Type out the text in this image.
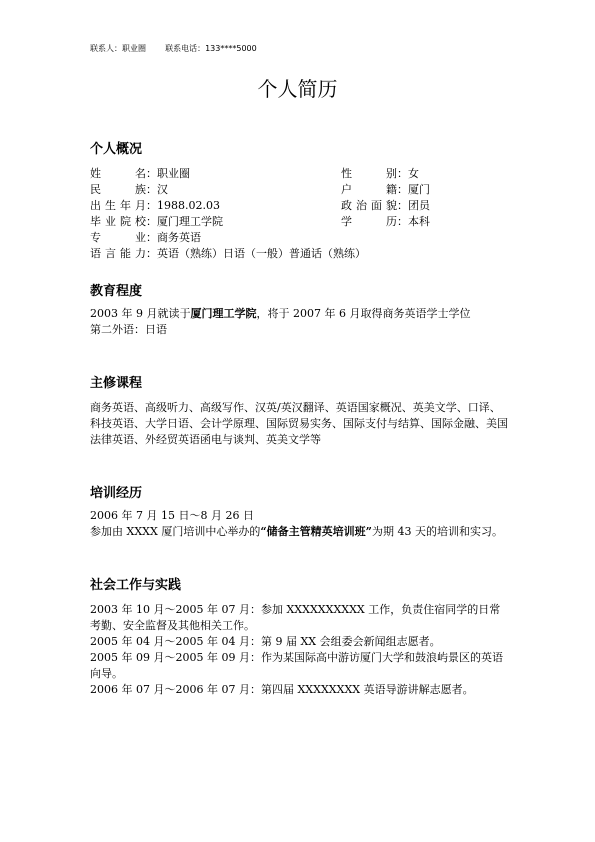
联系人：职业圈 联系电话：133****5000
个人简历
个人概况
姓名：职业圈
民族：汉
出生年月：1988.02.03
毕业院校：厦门理工学院
专业：商务英语
性别：女
户籍：厦门
政治面貌：团员
学历：本科
语言能力：英语（熟练）日语（一般）普通话（熟练）
教育程度
2003 年 9 月就读于厦门理工学院，将于 2007 年 6 月取得商务英语学士学位
第二外语：日语
主修课程
商务英语、高级听力、高级写作、汉英/英汉翻译、英语国家概况、英美文学、口译、科技英语、大学日语、会计学原理、国际贸易实务、国际支付与结算、国际金融、美国法律英语、外经贸英语函电与谈判、英美文学等
培训经历
2006 年 7 月 15 日～8 月 26 日
参加由 XXXX 厦门培训中心举办的“储备主管精英培训班”为期 43 天的培训和实习。
社会工作与实践
2003 年 10 月～2005 年 07 月：参加 XXXXXXXXXX 工作，负责住宿同学的日常考勤、安全监督及其他相关工作。
2005 年 04 月～2005 年 04 月：第 9 届 XX 会组委会新闻组志愿者。
2005 年 09 月～2005 年 09 月：作为某国际高中游访厦门大学和鼓浪屿景区的英语向导。
2006 年 07 月～2006 年 07 月：第四届 XXXXXXXX 英语导游讲解志愿者。
